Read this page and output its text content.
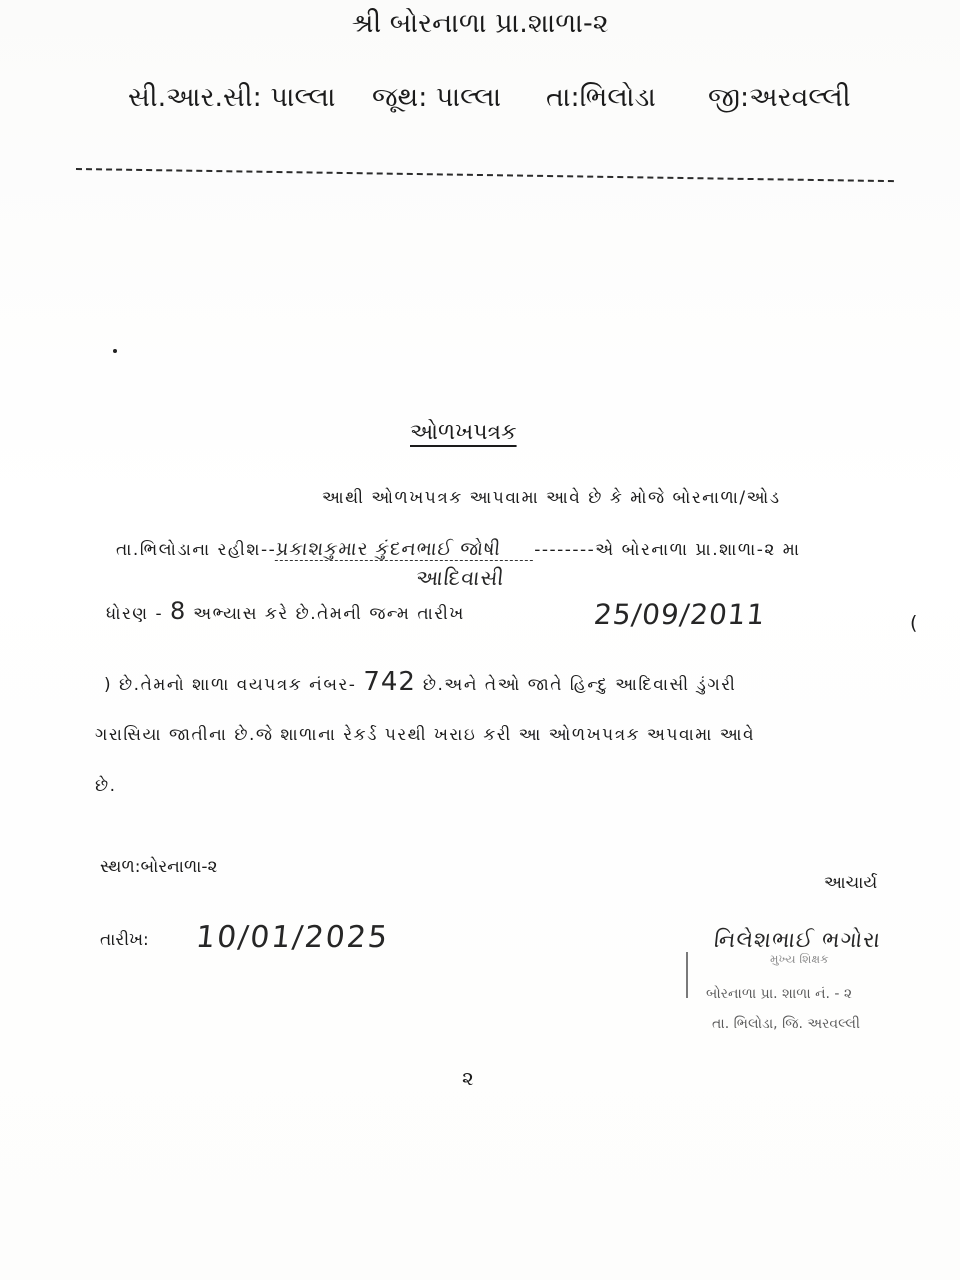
શ્રી બોરનાળા પ્રા.શાળા-૨
સી.આર.સી: પાલ્લા જૂથ: પાલ્લા તા:ભિલોડા જી:અરવલ્લી
ઓળખપત્રક
આથી ઓળખપત્રક આપવામા આવે છે કે મોજે બોરનાળા/ઓડ
તા.ભિલોડાના રહીશ--પ્રકાશકુમાર કુંદનભાઈ જોષી --------એ બોરનાળા પ્રા.શાળા-૨ મા
આદિવાસી
ધોરણ - 8 અભ્યાસ કરે છે.તેમની જન્મ તારીખ	25/09/2011	(
) છે.તેમનો શાળા વયપત્રક નંબર- 742 છે.અને તેઓ જાતે હિન્દુ આદિવાસી ડુંગરી
ગરાસિયા જાતીના છે.જે શાળાના રેકર્ડ પરથી ખરાઇ કરી આ ઓળખપત્રક અપવામા આવે
છે.
સ્થળ:બોરનાળા-૨
આચાર્ય
તારીખ: 10/01/2025	નિલેશભાઈ ભગોરા
મુખ્ય શિક્ષક
બોરનાળા પ્રા. શાળા નં. - ૨
તા. ભિલોડા, જિ. અરવલ્લી
૨
